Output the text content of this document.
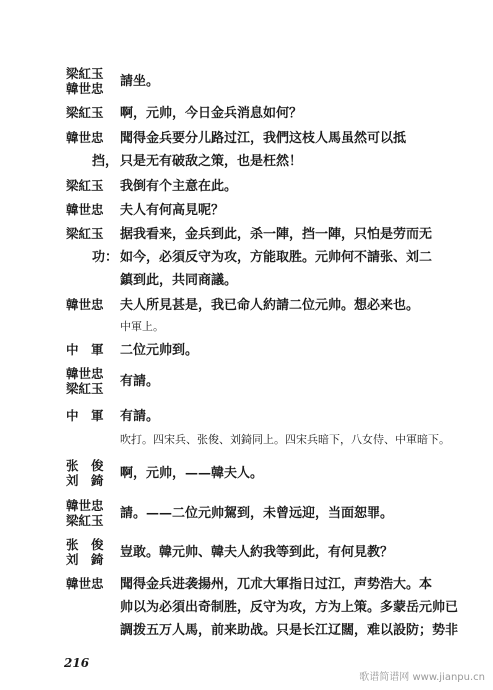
梁紅玉
韓世忠 請坐。
梁紅玉 啊，元帅，今日金兵消息如何？
韓世忠 聞得金兵要分儿路过江，我們这枝人馬虽然可以抵
挡， 只是无有破敌之策，也是枉然！
梁紅玉 我倒有个主意在此。
韓世忠 夫人有何高見呢？
梁紅玉 据我看来，金兵到此，杀一陣，挡一陣，只怕是劳而无
功： 如今，必須反守为攻，方能取胜。元帅何不請张、刘二
鎮到此，共同商議。
韓世忠 夫人所見甚是，我已命人約請二位元帅。想必来也。
中軍上。
中　軍 二位元帅到。
韓世忠
梁紅玉 有請。
中　軍 有請。
吹打。四宋兵、张俊、刘錡同上。四宋兵暗下，八女侍、中軍暗下。
张　俊
刘　錡 啊，元帅，——韓夫人。
韓世忠
梁紅玉 請。——二位元帅駕到，未曾远迎，当面恕罪。
张　俊
刘　錡 豈敢。韓元帅、韓夫人約我等到此，有何見教？
韓世忠 聞得金兵进袭揚州，兀朮大軍指日过江，声势浩大。本
帅以为必須出奇制胜，反守为攻，方为上策。多蒙岳元帅已
調拨五万人馬，前来助战。只是长江辽闊，难以設防；势非
216
歌谱简谱网 www.jianpu.cn
